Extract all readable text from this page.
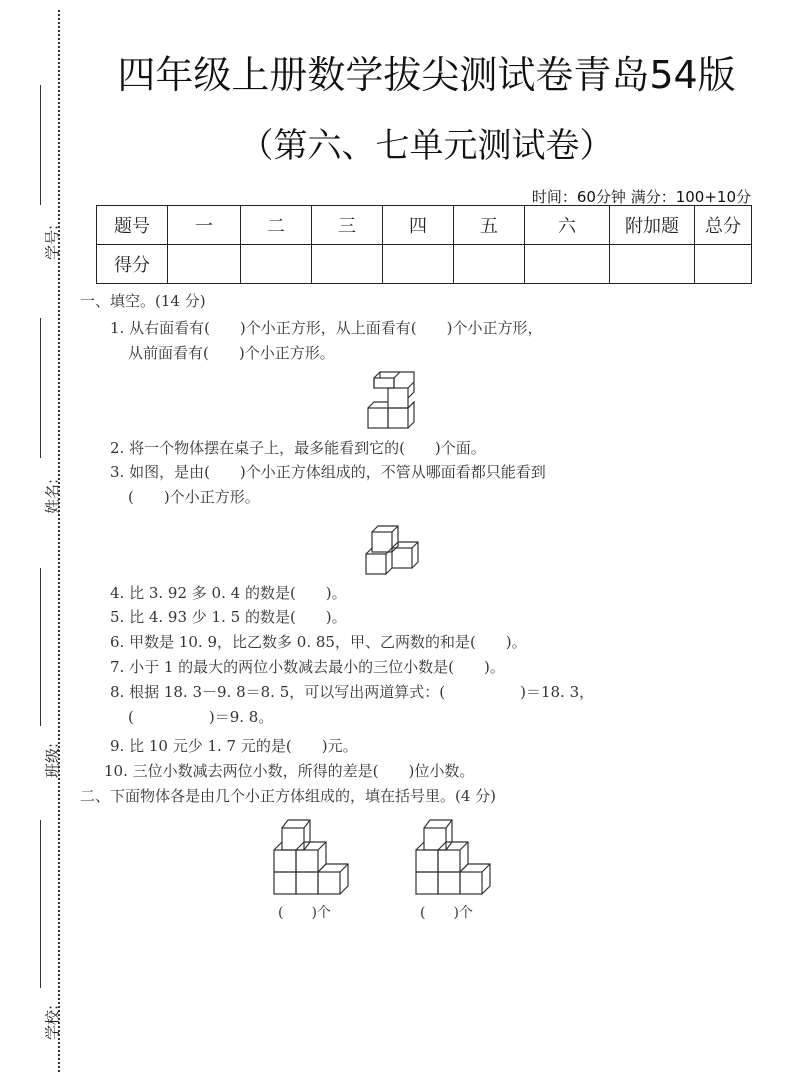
学号:
姓名:
班级:
学校:
四年级上册数学拔尖测试卷青岛54版
（第六、七单元测试卷）
时间：60分钟 满分：100+10分
题号	一	二	三	四	五	六	附加题	总分
得分								
一、填空。(14 分)
1. 从右面看有(　　)个小正方形，从上面看有(　　)个小正方形，
从前面看有(　　)个小正方形。
2. 将一个物体摆在桌子上，最多能看到它的(　　)个面。
3. 如图，是由(　　)个小正方体组成的，不管从哪面看都只能看到
(　　)个小正方形。
4. 比 3. 92 多 0. 4 的数是(　　)。
5. 比 4. 93 少 1. 5 的数是(　　)。
6. 甲数是 10. 9，比乙数多 0. 85，甲、乙两数的和是(　　)。
7. 小于 1 的最大的两位小数减去最小的三位小数是(　　)。
8. 根据 18. 3－9. 8＝8. 5，可以写出两道算式：(　　　　　)＝18. 3，
(　　　　　)＝9. 8。
9. 比 10 元少 1. 7 元的是(　　)元。
10. 三位小数减去两位小数，所得的差是(　　)位小数。
二、下面物体各是由几个小正方体组成的，填在括号里。(4 分)
(　　)个	(　　)个
